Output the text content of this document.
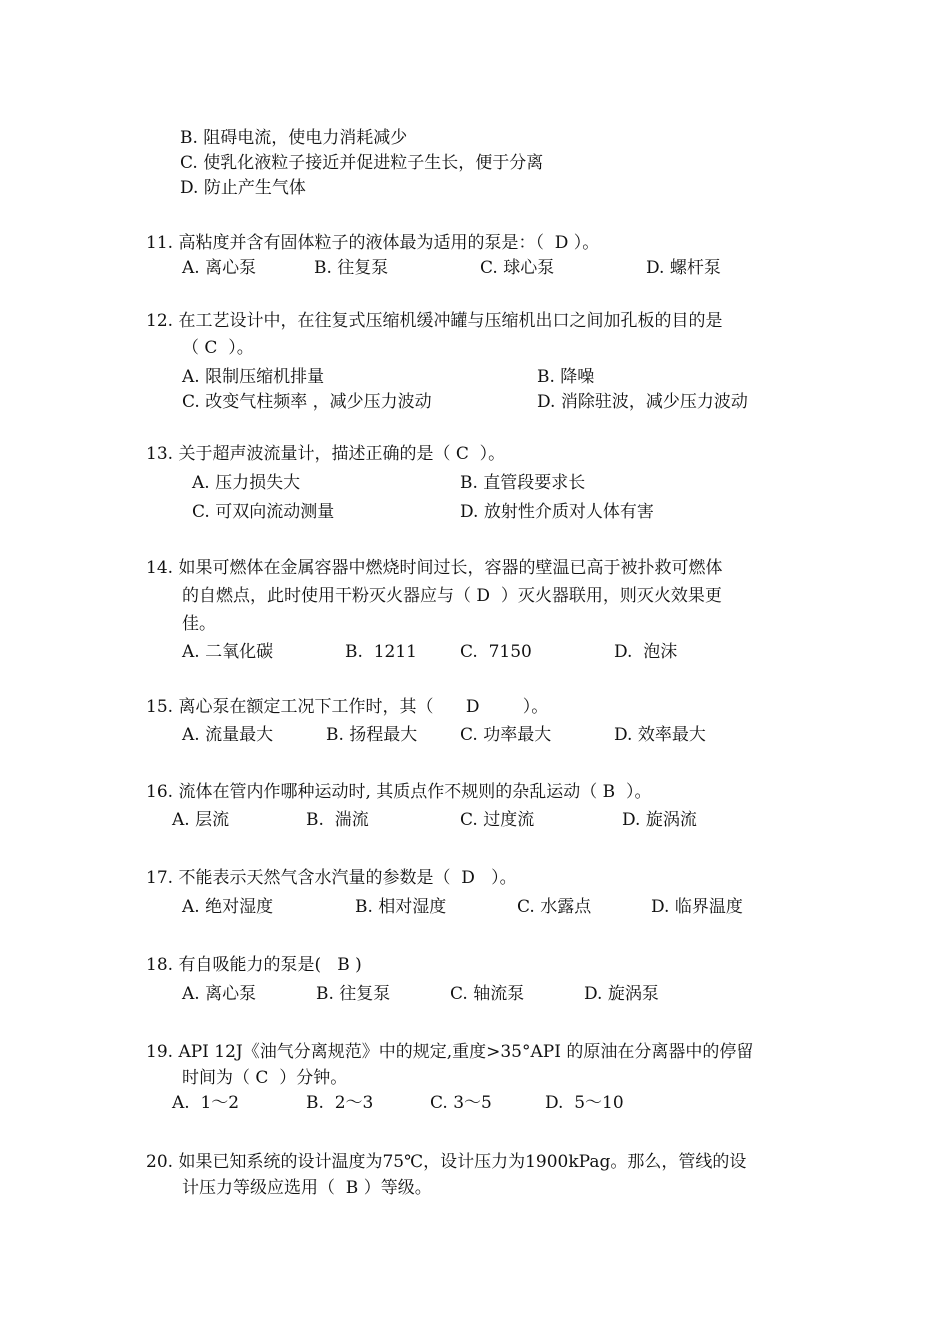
B. 阻碍电流，使电力消耗减少
C. 使乳化液粒子接近并促进粒子生长，便于分离
D. 防止产生气体
11. 高粘度并含有固体粒子的液体最为适用的泵是：（  D ）。
A. 离心泵	B. 往复泵	C. 球心泵	D. 螺杆泵
12. 在工艺设计中，在往复式压缩机缓冲罐与压缩机出口之间加孔板的目的是
（ C  ）。
A. 限制压缩机排量	B. 降噪
C. 改变气柱频率 ，减少压力波动	D. 消除驻波，减少压力波动
13. 关于超声波流量计，描述正确的是（ C  ）。
A. 压力损失大	B. 直管段要求长
C. 可双向流动测量	D. 放射性介质对人体有害
14. 如果可燃体在金属容器中燃烧时间过长，容器的壁温已高于被扑救可燃体
的自燃点，此时使用干粉灭火器应与（ D  ）灭火器联用，则灭火效果更
佳。
A. 二氧化碳	B.  1211	C.  7150	D.  泡沫
15. 离心泵在额定工况下工作时，其（      D        ）。
A. 流量最大	B. 扬程最大	C. 功率最大	D. 效率最大
16. 流体在管内作哪种运动时, 其质点作不规则的杂乱运动（ B  ）。
A. 层流	B.  湍流	C. 过度流	D. 旋涡流
17. 不能表示天然气含水汽量的参数是（  D   ）。
A. 绝对湿度	B. 相对湿度	C. 水露点	D. 临界温度
18. 有自吸能力的泵是(   B )
A. 离心泵	B. 往复泵	C. 轴流泵	D. 旋涡泵
19. API 12J《油气分离规范》中的规定,重度>35°API 的原油在分离器中的停留
时间为（ C  ）分钟。
A.  1～2	B.  2～3	C. 3～5	D.  5～10
20. 如果已知系统的设计温度为75℃，设计压力为1900kPag。那么，管线的设
计压力等级应选用（  B ）等级。
